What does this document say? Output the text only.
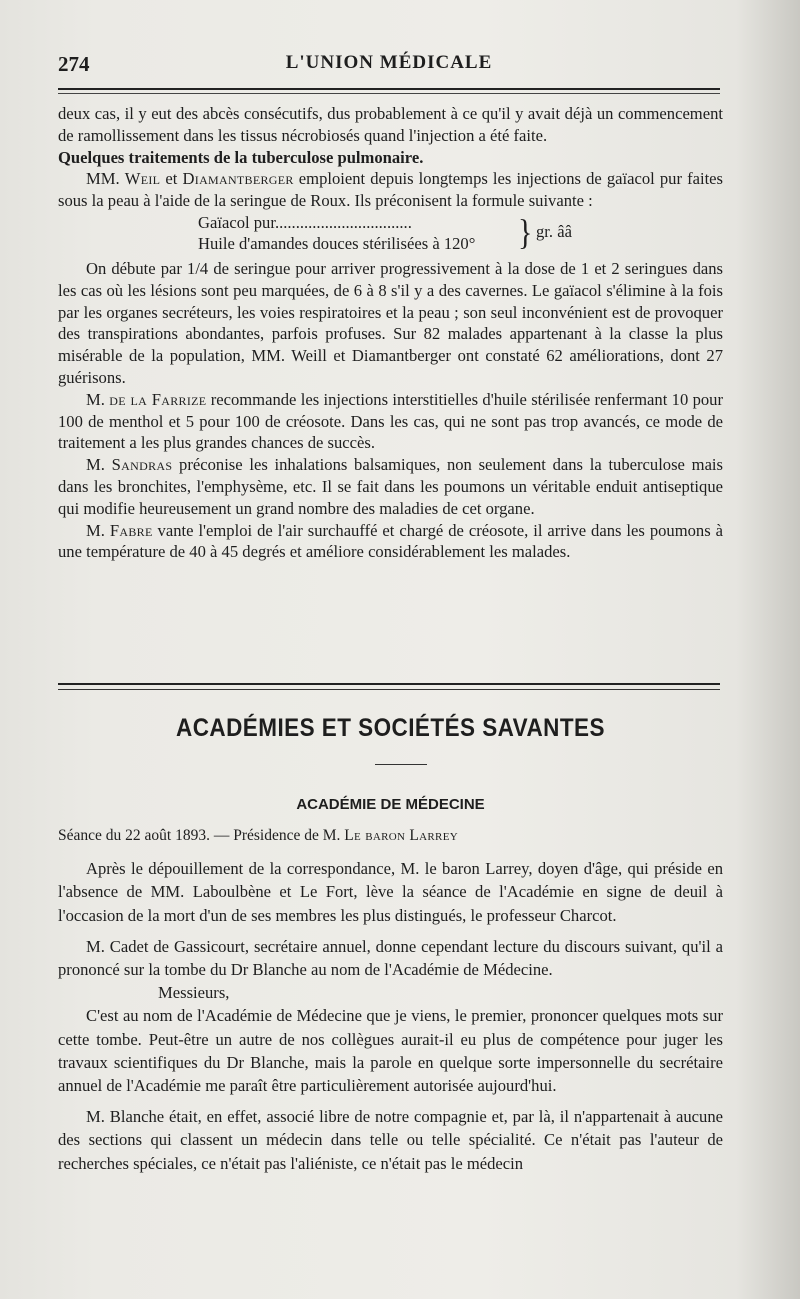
274	L'UNION MÉDICALE

deux cas, il y eut des abcès consécutifs, dus probablement à ce qu'il y avait déjà un commencement de ramollissement dans les tissus nécrobiosés quand l'injection a été faite.

Quelques traitements de la tuberculose pulmonaire.

MM. Weil et Diamantberger emploient depuis longtemps les injections de gaïacol pur faites sous la peau à l'aide de la seringue de Roux. Ils préconisent la formule suivante :

Gaïacol pur.................................
Huile d'amandes douces stérilisées à 120° } gr. ââ

On débute par 1/4 de seringue pour arriver progressivement à la dose de 1 et 2 seringues dans les cas où les lésions sont peu marquées, de 6 à 8 s'il y a des cavernes. Le gaïacol s'élimine à la fois par les organes secréteurs, les voies respiratoires et la peau ; son seul inconvénient est de provoquer des transpirations abondantes, parfois profuses. Sur 82 malades appartenant à la classe la plus misérable de la population, MM. Weill et Diamantberger ont constaté 62 améliorations, dont 27 guérisons.

M. de la Farrize recommande les injections interstitielles d'huile stérilisée renfermant 10 pour 100 de menthol et 5 pour 100 de créosote. Dans les cas, qui ne sont pas trop avancés, ce mode de traitement a les plus grandes chances de succès.

M. Sandras préconise les inhalations balsamiques, non seulement dans la tuberculose mais dans les bronchites, l'emphysème, etc. Il se fait dans les poumons un véritable enduit antiseptique qui modifie heureusement un grand nombre des maladies de cet organe.

M. Fabre vante l'emploi de l'air surchauffé et chargé de créosote, il arrive dans les poumons à une température de 40 à 45 degrés et améliore considérablement les malades.

ACADÉMIES ET SOCIÉTÉS SAVANTES
ACADÉMIE DE MÉDECINE

Séance du 22 août 1893. — Présidence de M. Le baron Larrey

Après le dépouillement de la correspondance, M. le baron Larrey, doyen d'âge, qui préside en l'absence de MM. Laboulbène et Le Fort, lève la séance de l'Académie en signe de deuil à l'occasion de la mort d'un de ses membres les plus distingués, le professeur Charcot.

M. Cadet de Gassicourt, secrétaire annuel, donne cependant lecture du discours suivant, qu'il a prononcé sur la tombe du Dr Blanche au nom de l'Académie de Médecine.

Messieurs,

C'est au nom de l'Académie de Médecine que je viens, le premier, prononcer quelques mots sur cette tombe. Peut-être un autre de nos collègues aurait-il eu plus de compétence pour juger les travaux scientifiques du Dr Blanche, mais la parole en quelque sorte impersonnelle du secrétaire annuel de l'Académie me paraît être particulièrement autorisée aujourd'hui.

M. Blanche était, en effet, associé libre de notre compagnie et, par là, il n'appartenait à aucune des sections qui classent un médecin dans telle ou telle spécialité. Ce n'était pas l'auteur de recherches spéciales, ce n'était pas l'aliéniste, ce n'était pas le médecin
